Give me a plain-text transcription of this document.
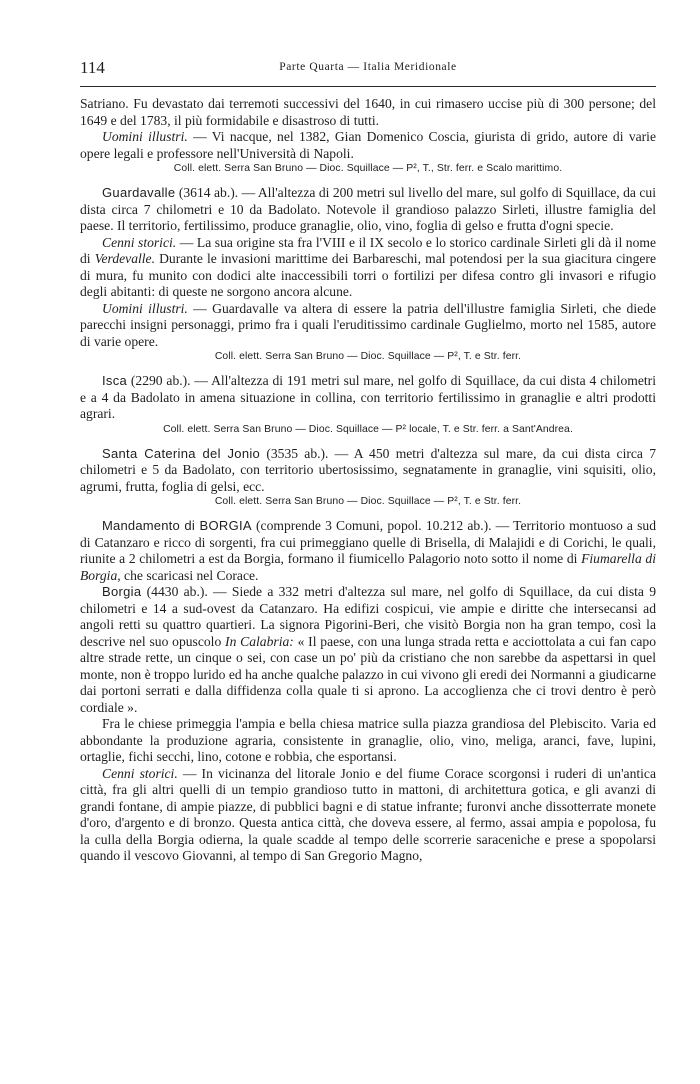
114	Parte Quarta — Italia Meridionale

Satriano. Fu devastato dai terremoti successivi del 1640, in cui rimasero uccise più di 300 persone; del 1649 e del 1783, il più formidabile e disastroso di tutti.

Uomini illustri. — Vi nacque, nel 1382, Gian Domenico Coscia, giurista di grido, autore di varie opere legali e professore nell'Università di Napoli.

Coll. elett. Serra San Bruno — Dioc. Squillace — P², T., Str. ferr. e Scalo marittimo.

Guardavalle (3614 ab.). — All'altezza di 200 metri sul livello del mare, sul golfo di Squillace, da cui dista circa 7 chilometri e 10 da Badolato. Notevole il grandioso palazzo Sirleti, illustre famiglia del paese. Il territorio, fertilissimo, produce granaglie, olio, vino, foglia di gelso e frutta d'ogni specie.

Cenni storici. — La sua origine sta fra l'VIII e il IX secolo e lo storico cardinale Sirleti gli dà il nome di Verdevalle. Durante le invasioni marittime dei Barbareschi, mal potendosi per la sua giacitura cingere di mura, fu munito con dodici alte inaccessibili torri o fortilizi per difesa contro gli invasori e rifugio degli abitanti: di queste ne sorgono ancora alcune.

Uomini illustri. — Guardavalle va altera di essere la patria dell'illustre famiglia Sirleti, che diede parecchi insigni personaggi, primo fra i quali l'eruditissimo cardinale Guglielmo, morto nel 1585, autore di varie opere.

Coll. elett. Serra San Bruno — Dioc. Squillace — P², T. e Str. ferr.

Isca (2290 ab.). — All'altezza di 191 metri sul mare, nel golfo di Squillace, da cui dista 4 chilometri e a 4 da Badolato in amena situazione in collina, con territorio fertilissimo in granaglie e altri prodotti agrari.

Coll. elett. Serra San Bruno — Dioc. Squillace — P² locale, T. e Str. ferr. a Sant'Andrea.

Santa Caterina del Jonio (3535 ab.). — A 450 metri d'altezza sul mare, da cui dista circa 7 chilometri e 5 da Badolato, con territorio ubertosissimo, segnatamente in granaglie, vini squisiti, olio, agrumi, frutta, foglia di gelsi, ecc.

Coll. elett. Serra San Bruno — Dioc. Squillace — P², T. e Str. ferr.

Mandamento di BORGIA (comprende 3 Comuni, popol. 10.212 ab.). — Territorio montuoso a sud di Catanzaro e ricco di sorgenti, fra cui primeggiano quelle di Brisella, di Malajidi e di Corichi, le quali, riunite a 2 chilometri a est da Borgia, formano il fiumicello Palagorio noto sotto il nome di Fiumarella di Borgia, che scaricasi nel Corace.

Borgia (4430 ab.). — Siede a 332 metri d'altezza sul mare, nel golfo di Squillace, da cui dista 9 chilometri e 14 a sud-ovest da Catanzaro. Ha edifizi cospicui, vie ampie e diritte che intersecansi ad angoli retti su quattro quartieri. La signora Pigorini-Beri, che visitò Borgia non ha gran tempo, così la descrive nel suo opuscolo In Calabria: « Il paese, con una lunga strada retta e acciottolata a cui fan capo altre strade rette, un cinque o sei, con case un po' più da cristiano che non sarebbe da aspettarsi in quel monte, non è troppo lurido ed ha anche qualche palazzo in cui vivono gli eredi dei Normanni a giudicarne dai portoni serrati e dalla diffidenza colla quale ti si aprono. La accoglienza che ci trovi dentro è però cordiale ».

Fra le chiese primeggia l'ampia e bella chiesa matrice sulla piazza grandiosa del Plebiscito. Varia ed abbondante la produzione agraria, consistente in granaglie, olio, vino, meliga, aranci, fave, lupini, ortaglie, fichi secchi, lino, cotone e robbia, che esportansi.

Cenni storici. — In vicinanza del litorale Jonio e del fiume Corace scorgonsi i ruderi di un'antica città, fra gli altri quelli di un tempio grandioso tutto in mattoni, di architettura gotica, e gli avanzi di grandi fontane, di ampie piazze, di pubblici bagni e di statue infrante; furonvi anche dissotterrate monete d'oro, d'argento e di bronzo. Questa antica città, che doveva essere, al fermo, assai ampia e popolosa, fu la culla della Borgia odierna, la quale scadde al tempo delle scorrerie saraceniche e prese a spopolarsi quando il vescovo Giovanni, al tempo di San Gregorio Magno,
